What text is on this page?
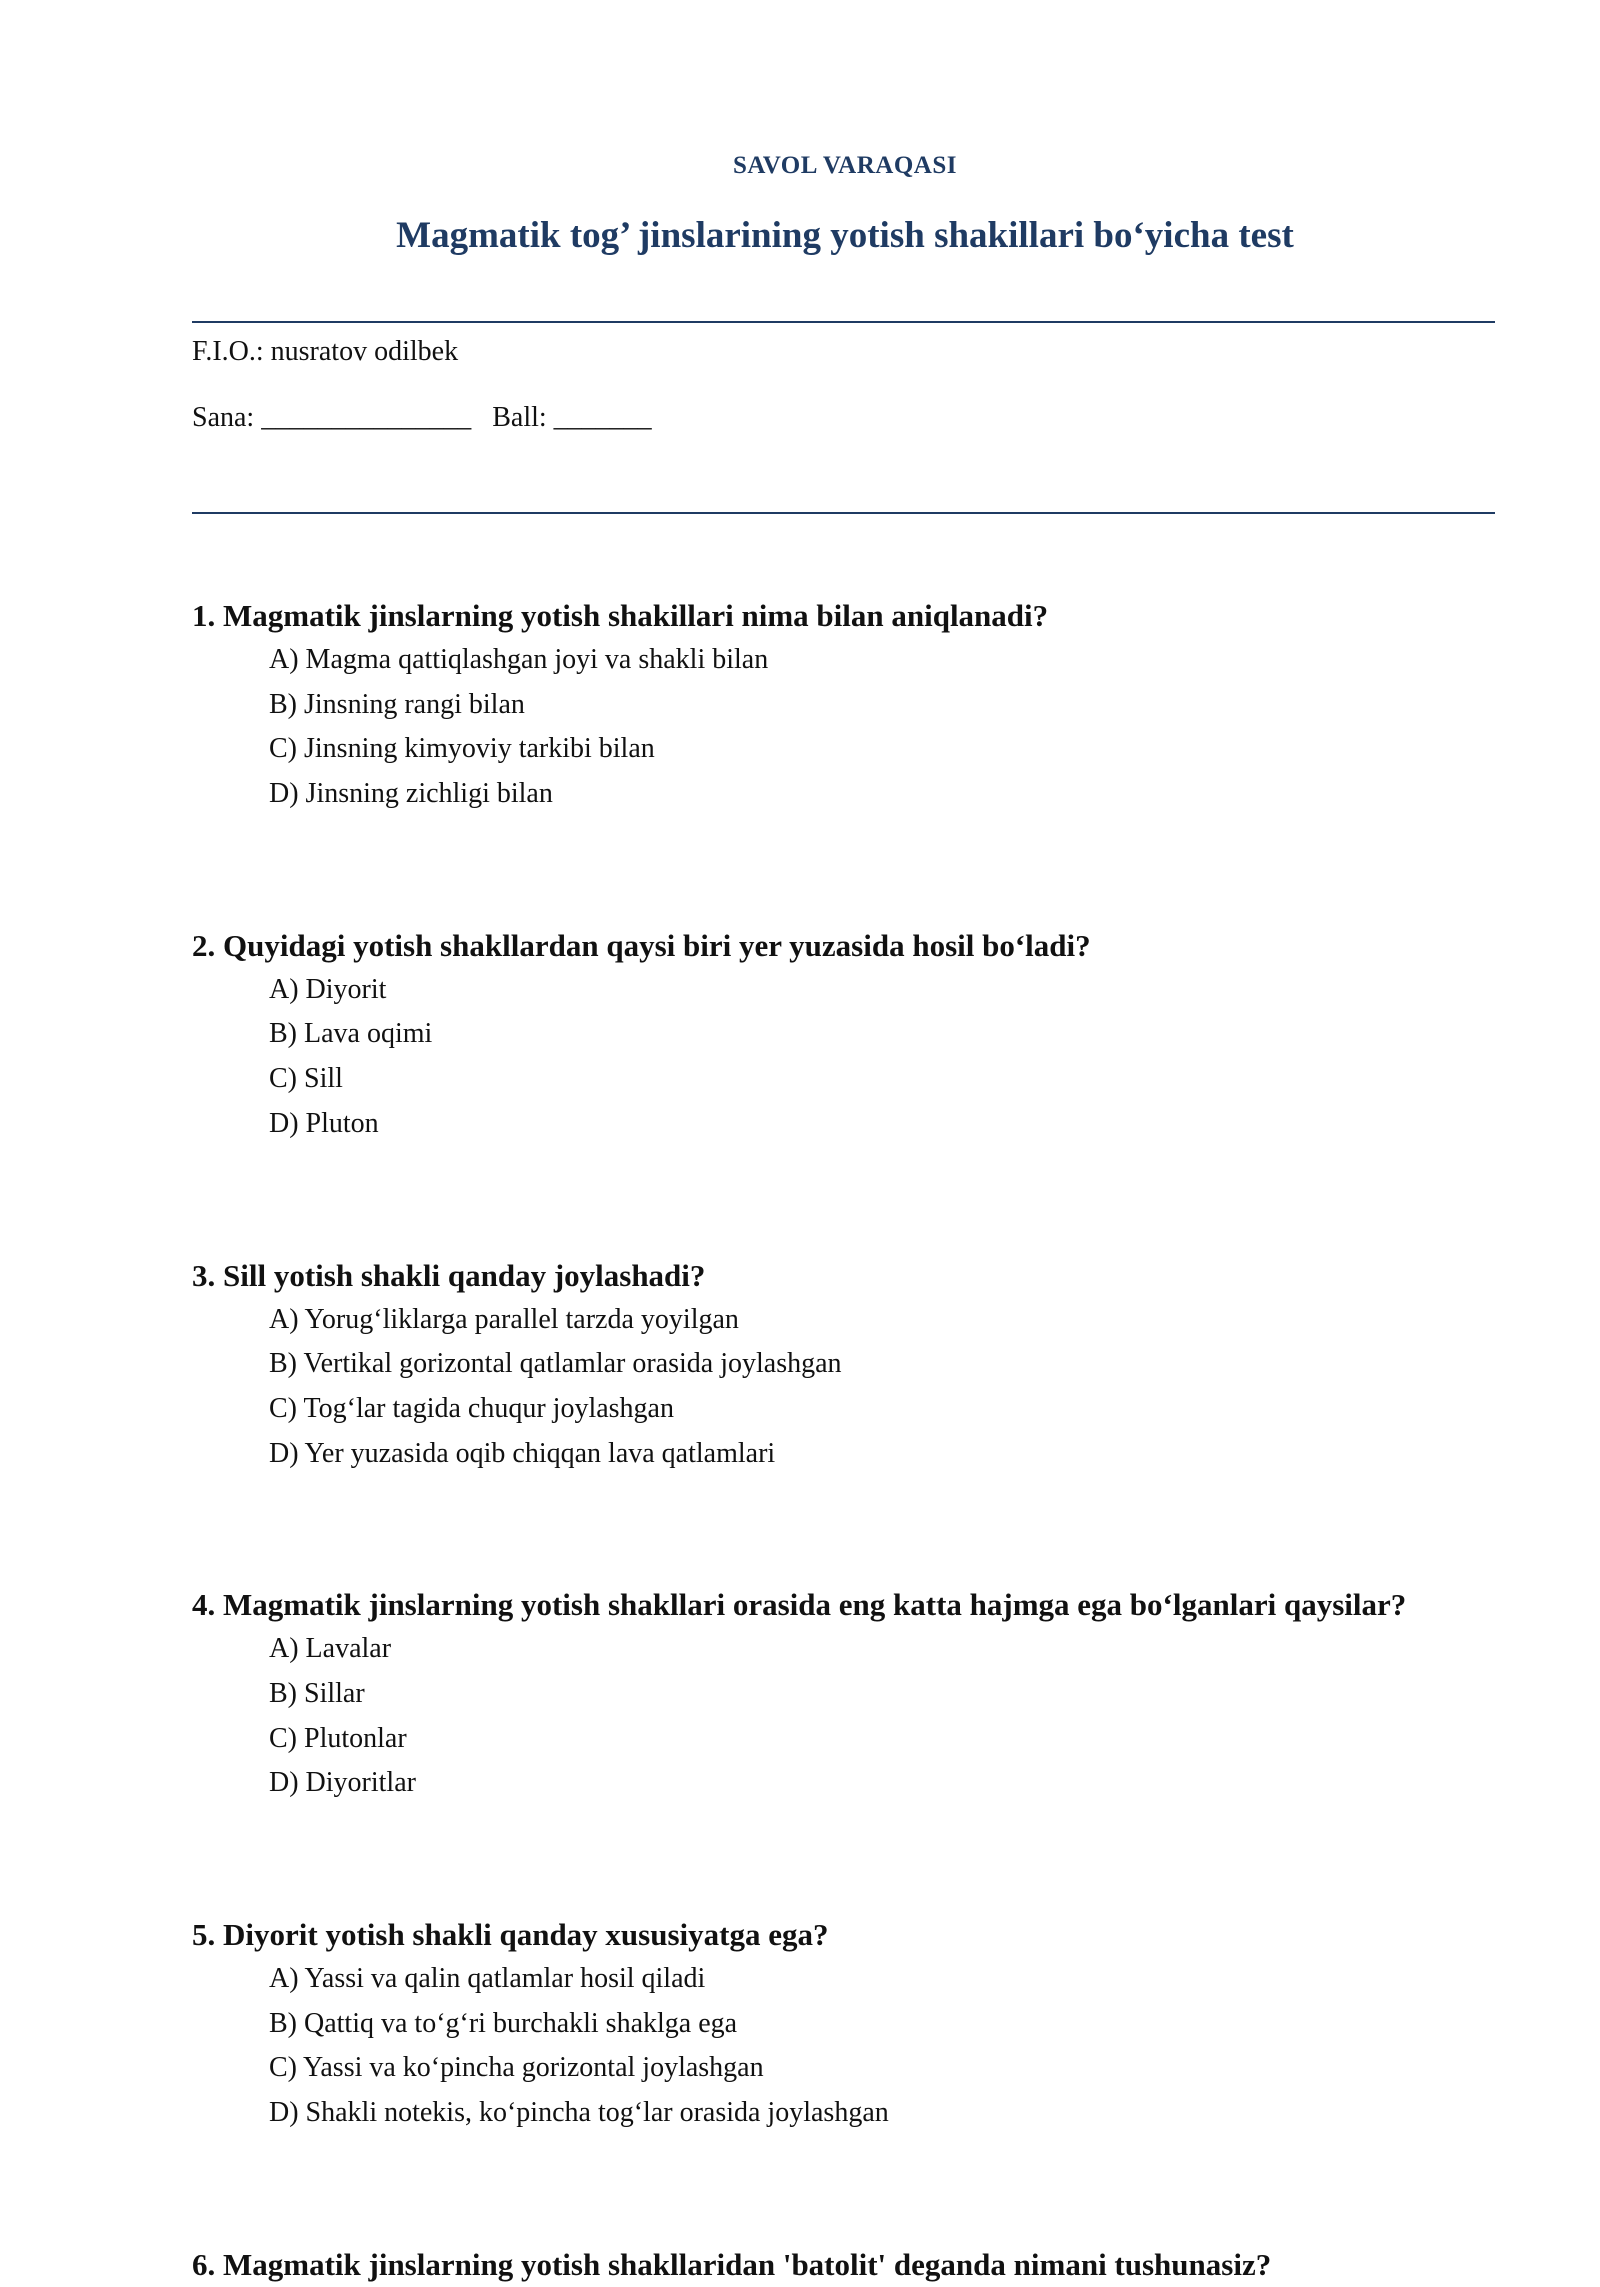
SAVOL VARAQASI
Magmatik tog’ jinslarining yotish shakillari bo‘yicha test
F.I.O.: nusratov odilbek
Sana: _______________ Ball: _______
1. Magmatik jinslarning yotish shakillari nima bilan aniqlanadi?
A) Magma qattiqlashgan joyi va shakli bilan
B) Jinsning rangi bilan
C) Jinsning kimyoviy tarkibi bilan
D) Jinsning zichligi bilan
2. Quyidagi yotish shakllardan qaysi biri yer yuzasida hosil bo‘ladi?
A) Diyorit
B) Lava oqimi
C) Sill
D) Pluton
3. Sill yotish shakli qanday joylashadi?
A) Yorug‘liklarga parallel tarzda yoyilgan
B) Vertikal gorizontal qatlamlar orasida joylashgan
C) Tog‘lar tagida chuqur joylashgan
D) Yer yuzasida oqib chiqqan lava qatlamlari
4. Magmatik jinslarning yotish shakllari orasida eng katta hajmga ega bo‘lganlari qaysilar?
A) Lavalar
B) Sillar
C) Plutonlar
D) Diyoritlar
5. Diyorit yotish shakli qanday xususiyatga ega?
A) Yassi va qalin qatlamlar hosil qiladi
B) Qattiq va to‘g‘ri burchakli shaklga ega
C) Yassi va ko‘pincha gorizontal joylashgan
D) Shakli notekis, ko‘pincha tog‘lar orasida joylashgan
6. Magmatik jinslarning yotish shakllaridan 'batolit' deganda nimani tushunasiz?
